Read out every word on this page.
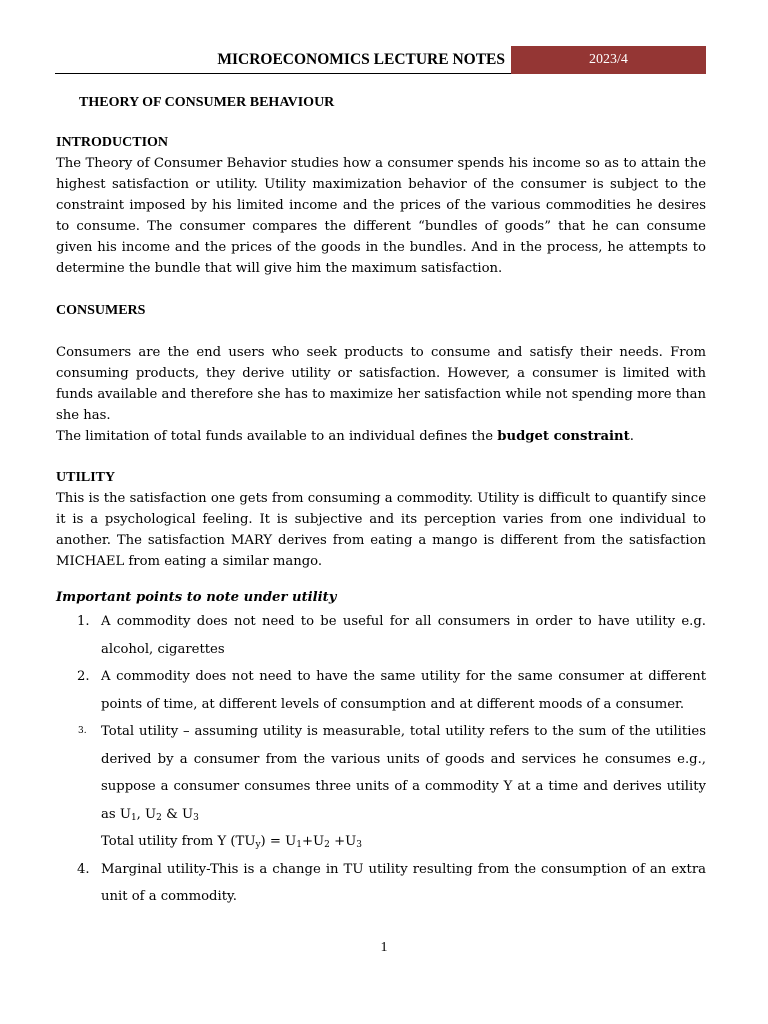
MICROECONOMICS LECTURE NOTES	2023/4
THEORY OF CONSUMER BEHAVIOUR
INTRODUCTION

The Theory of Consumer Behavior studies how a consumer spends his income so as to attain the highest satisfaction or utility. Utility maximization behavior of the consumer is subject to the constraint imposed by his limited income and the prices of the various commodities he desires to consume. The consumer compares the different “bundles of goods” that he can consume given his income and the prices of the goods in the bundles. And in the process, he attempts to determine the bundle that will give him the maximum satisfaction.

CONSUMERS

Consumers are the end users who seek products to consume and satisfy their needs. From consuming products, they derive utility or satisfaction. However, a consumer is limited with funds available and therefore she has to maximize her satisfaction while not spending more than she has.

The limitation of total funds available to an individual defines the budget constraint.

UTILITY

This is the satisfaction one gets from consuming a commodity. Utility is difficult to quantify since it is a psychological feeling. It is subjective and its perception varies from one individual to another. The satisfaction MARY derives from eating a mango is different from the satisfaction MICHAEL from eating a similar mango.

Important points to note under utility

1. A commodity does not need to be useful for all consumers in order to have utility e.g. alcohol, cigarettes
2. A commodity does not need to have the same utility for the same consumer at different points of time, at different levels of consumption and at different moods of a consumer.
3. Total utility – assuming utility is measurable, total utility refers to the sum of the utilities derived by a consumer from the various units of goods and services he consumes e.g., suppose a consumer consumes three units of a commodity Y at a time and derives utility as $U_1$, $U_2$ & $U_3$
Total utility from Y $(TU_y) = U_1+U_2 +U_3$
4. Marginal utility-This is a change in TU utility resulting from the consumption of an extra unit of a commodity.
1
